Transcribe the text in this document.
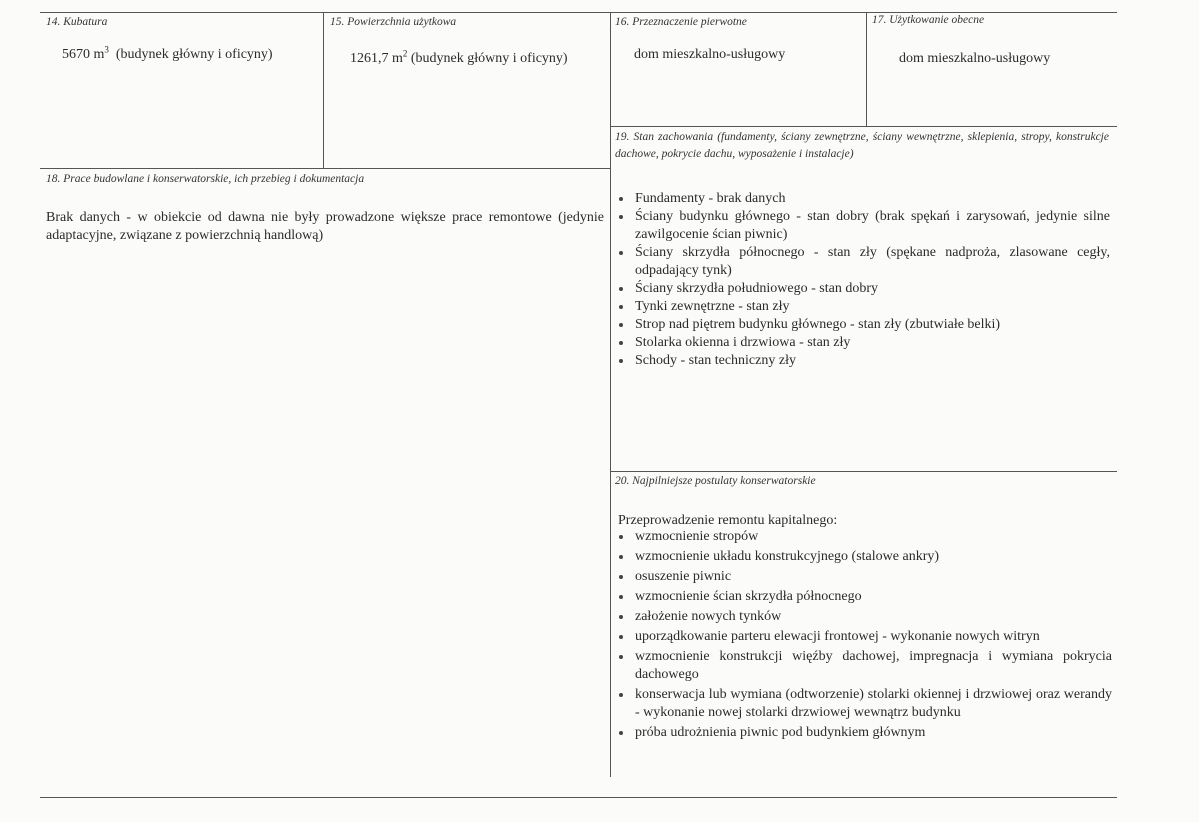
14. Kubatura
5670 $m^3$  (budynek główny i oficyny)
15. Powierzchnia użytkowa
1261,7 $m^2$ (budynek główny i oficyny)
16. Przeznaczenie pierwotne
dom mieszkalno-usługowy
17. Użytkowanie obecne
dom mieszkalno-usługowy
18. Prace budowlane i konserwatorskie, ich przebieg i dokumentacja
Brak danych - w obiekcie od dawna nie były prowadzone większe prace remontowe (jedynie adaptacyjne, związane z powierzchnią handlową)
19. Stan zachowania (fundamenty, ściany zewnętrzne, ściany wewnętrzne, sklepienia, stropy, konstrukcje dachowe, pokrycie dachu, wyposażenie i instalacje)
Fundamenty - brak danych
Ściany budynku głównego - stan dobry (brak spękań i zarysowań, jedynie silne zawilgocenie ścian piwnic)
Ściany skrzydła północnego - stan zły (spękane nadproża, zlasowane cegły, odpadający tynk)
Ściany skrzydła południowego - stan dobry
Tynki zewnętrzne - stan zły
Strop nad piętrem budynku głównego - stan zły (zbutwiałe belki)
Stolarka okienna i drzwiowa - stan zły
Schody - stan techniczny zły
20. Najpilniejsze postulaty konserwatorskie
Przeprowadzenie remontu kapitalnego:
wzmocnienie stropów
wzmocnienie układu konstrukcyjnego (stalowe ankry)
osuszenie piwnic
wzmocnienie ścian skrzydła północnego
założenie nowych tynków
uporządkowanie parteru elewacji frontowej - wykonanie nowych witryn
wzmocnienie konstrukcji więźby dachowej, impregnacja i wymiana pokrycia dachowego
konserwacja lub wymiana (odtworzenie) stolarki okiennej i drzwiowej oraz werandy - wykonanie nowej stolarki drzwiowej wewnątrz budynku
próba udrożnienia piwnic pod budynkiem głównym
